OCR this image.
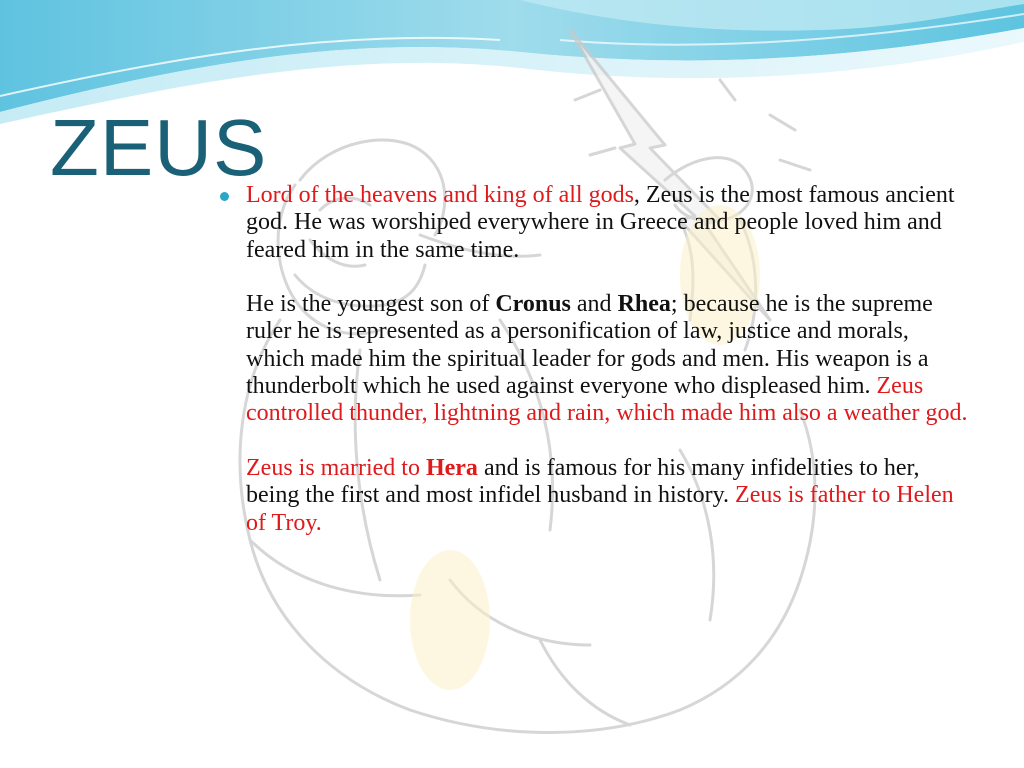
ZEUS

Lord of the heavens and king of all gods, Zeus is the most famous ancient god. He was worshiped everywhere in Greece and people loved him and feared him in the same time.

He is the youngest son of Cronus and Rhea; because he is the supreme ruler he is represented as a personification of law, justice and morals, which made him the spiritual leader for gods and men. His weapon is a thunderbolt which he used against everyone who displeased him. Zeus controlled thunder, lightning and rain, which made him also a weather god.

Zeus is married to Hera and is famous for his many infidelities to her, being the first and most infidel husband in history. Zeus is father to Helen of Troy.
